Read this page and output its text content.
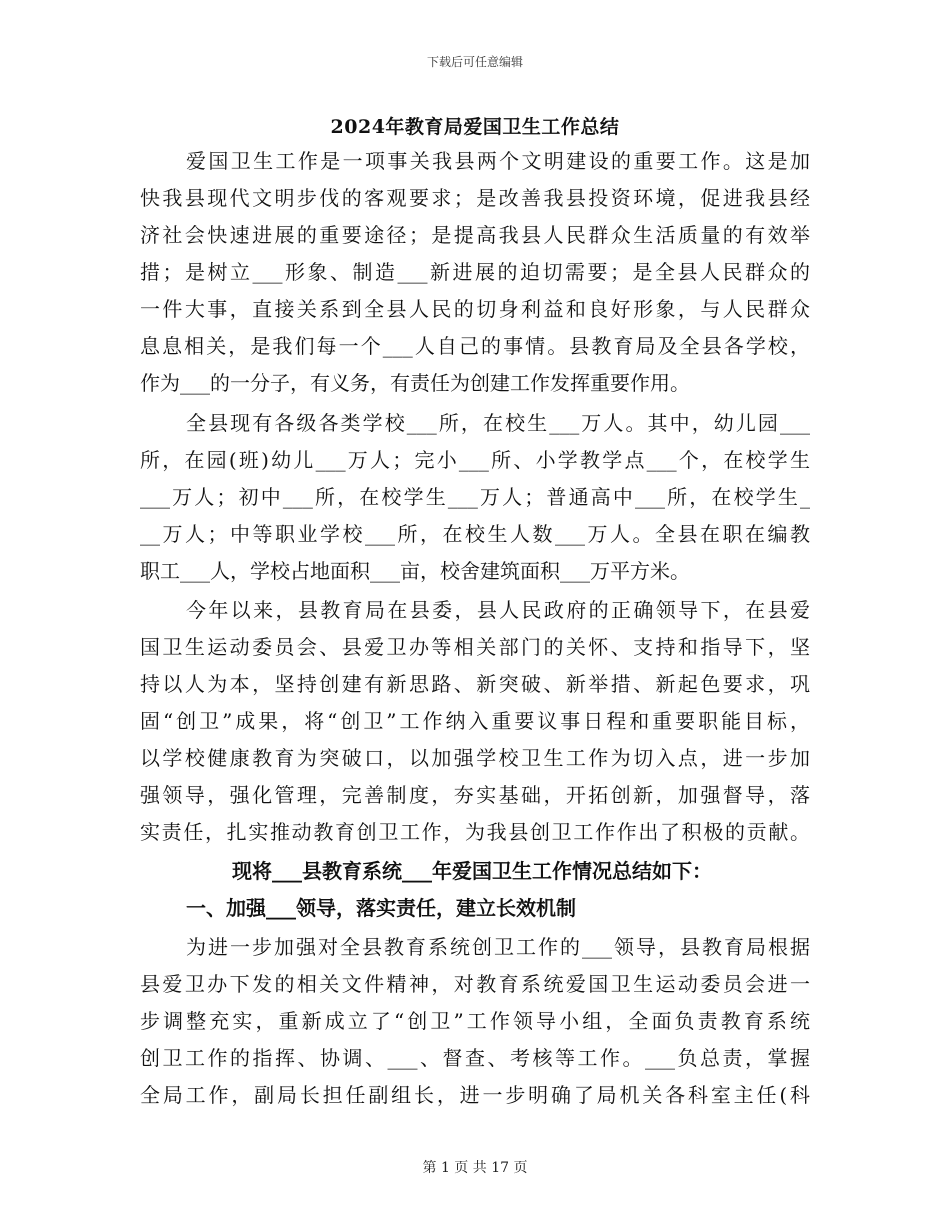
下载后可任意编辑
2024年教育局爱国卫生工作总结
爱国卫生工作是一项事关我县两个文明建设的重要工作。这是加
快我县现代文明步伐的客观要求；是改善我县投资环境，促进我县经
济社会快速进展的重要途径；是提高我县人民群众生活质量的有效举
措；是树立___形象、制造___新进展的迫切需要；是全县人民群众的
一件大事，直接关系到全县人民的切身利益和良好形象，与人民群众
息息相关，是我们每一个___人自己的事情。县教育局及全县各学校，
作为___的一分子，有义务，有责任为创建工作发挥重要作用。
全县现有各级各类学校___所，在校生___万人。其中，幼儿园___
所，在园(班)幼儿___万人；完小___所、小学教学点___个，在校学生
___万人；初中___所，在校学生___万人；普通高中___所，在校学生_
__万人；中等职业学校___所，在校生人数___万人。全县在职在编教
职工___人，学校占地面积___亩，校舍建筑面积___万平方米。
今年以来，县教育局在县委，县人民政府的正确领导下，在县爱
国卫生运动委员会、县爱卫办等相关部门的关怀、支持和指导下，坚
持以人为本，坚持创建有新思路、新突破、新举措、新起色要求，巩
固“创卫”成果，将“创卫”工作纳入重要议事日程和重要职能目标，
以学校健康教育为突破口，以加强学校卫生工作为切入点，进一步加
强领导，强化管理，完善制度，夯实基础，开拓创新，加强督导，落
实责任，扎实推动教育创卫工作，为我县创卫工作作出了积极的贡献。
现将___县教育系统___年爱国卫生工作情况总结如下：
一、加强___领导，落实责任，建立长效机制
为进一步加强对全县教育系统创卫工作的___领导，县教育局根据
县爱卫办下发的相关文件精神，对教育系统爱国卫生运动委员会进一
步调整充实，重新成立了“创卫”工作领导小组，全面负责教育系统
创卫工作的指挥、协调、___、督查、考核等工作。___负总责，掌握
全局工作，副局长担任副组长，进一步明确了局机关各科室主任(科
第 1 页 共 17 页
